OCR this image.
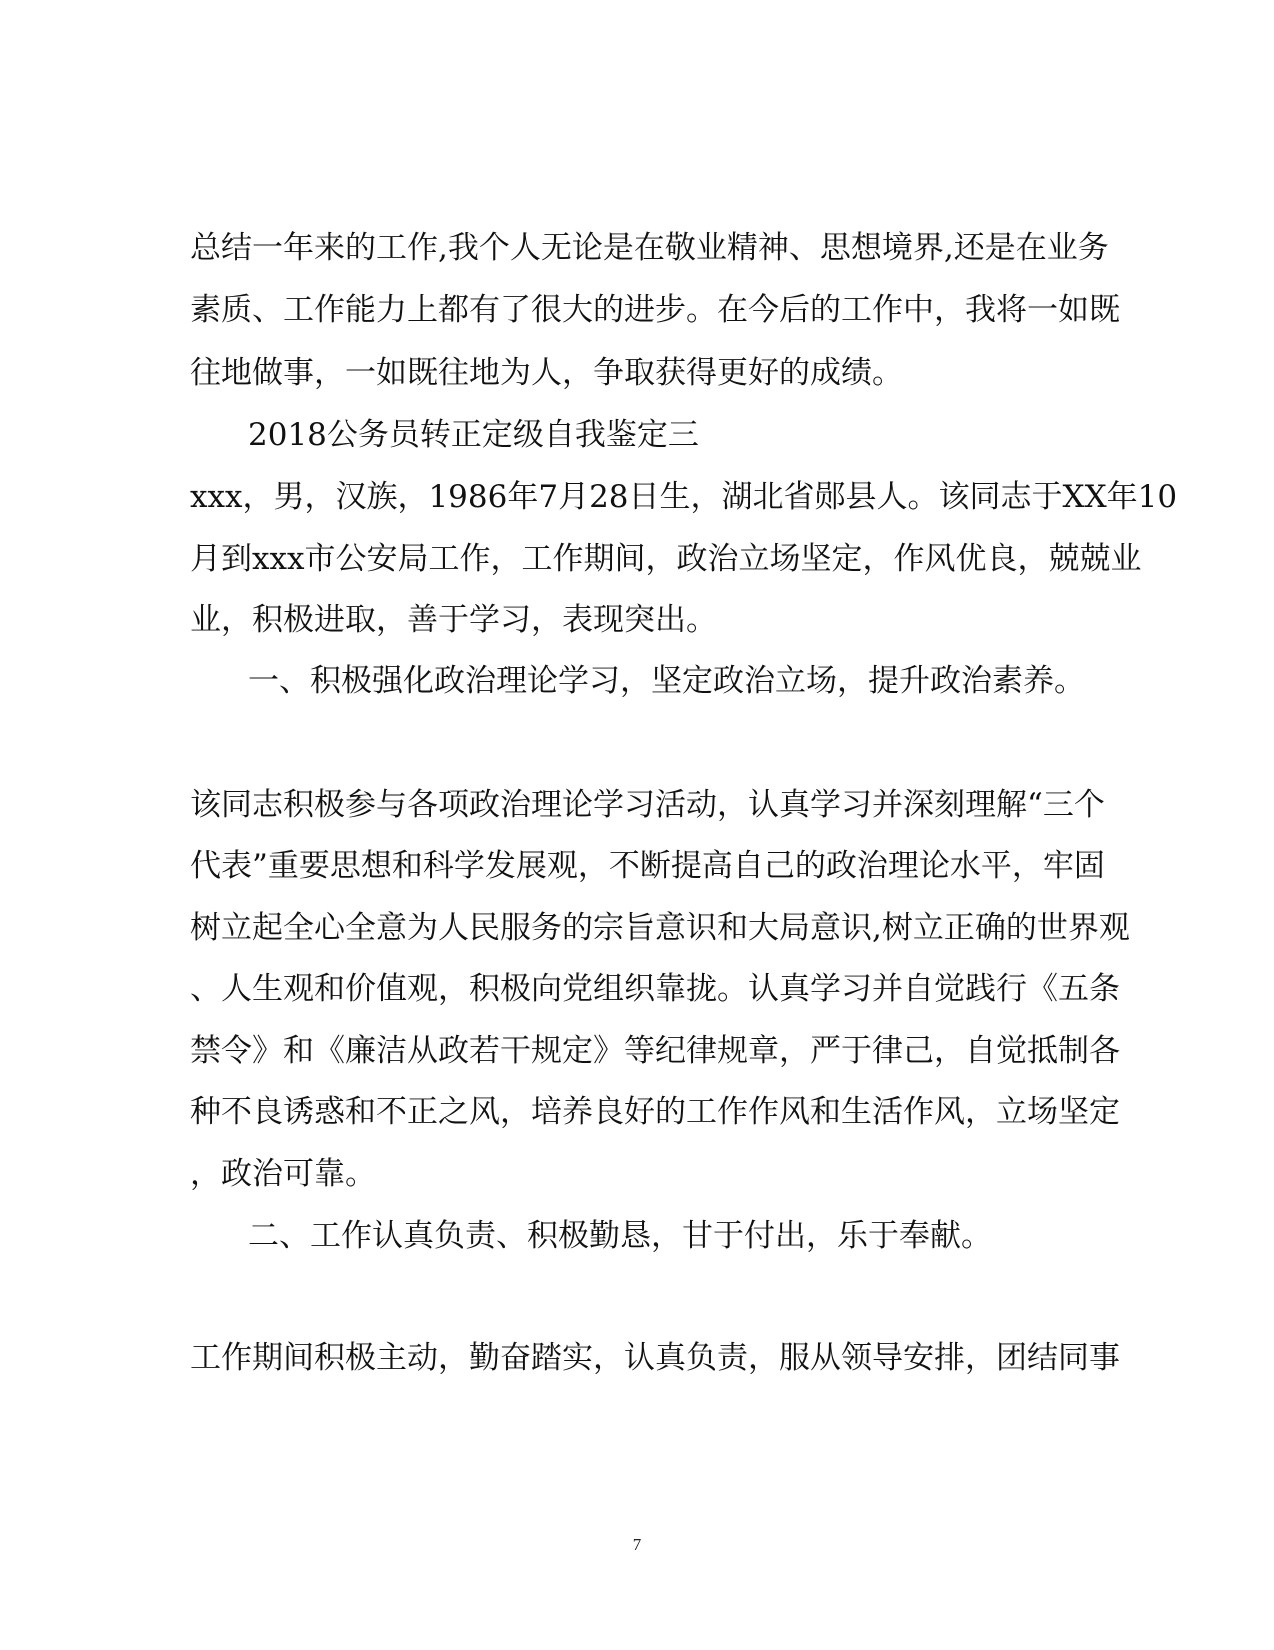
总结一年来的工作,我个人无论是在敬业精神、思想境界,还是在业务

素质、工作能力上都有了很大的进步。在今后的工作中，我将一如既

往地做事，一如既往地为人，争取获得更好的成绩。

2018公务员转正定级自我鉴定三

xxx，男，汉族，1986年7月28日生，湖北省郧县人。该同志于XX年10

月到xxx市公安局工作，工作期间，政治立场坚定，作风优良，兢兢业

业，积极进取，善于学习，表现突出。

一、积极强化政治理论学习，坚定政治立场，提升政治素养。

该同志积极参与各项政治理论学习活动，认真学习并深刻理解“三个

代表”重要思想和科学发展观，不断提高自己的政治理论水平，牢固

树立起全心全意为人民服务的宗旨意识和大局意识,树立正确的世界观

、人生观和价值观，积极向党组织靠拢。认真学习并自觉践行《五条

禁令》和《廉洁从政若干规定》等纪律规章，严于律己，自觉抵制各

种不良诱惑和不正之风，培养良好的工作作风和生活作风，立场坚定

，政治可靠。

二、工作认真负责、积极勤恳，甘于付出，乐于奉献。

工作期间积极主动，勤奋踏实，认真负责，服从领导安排，团结同事

7
